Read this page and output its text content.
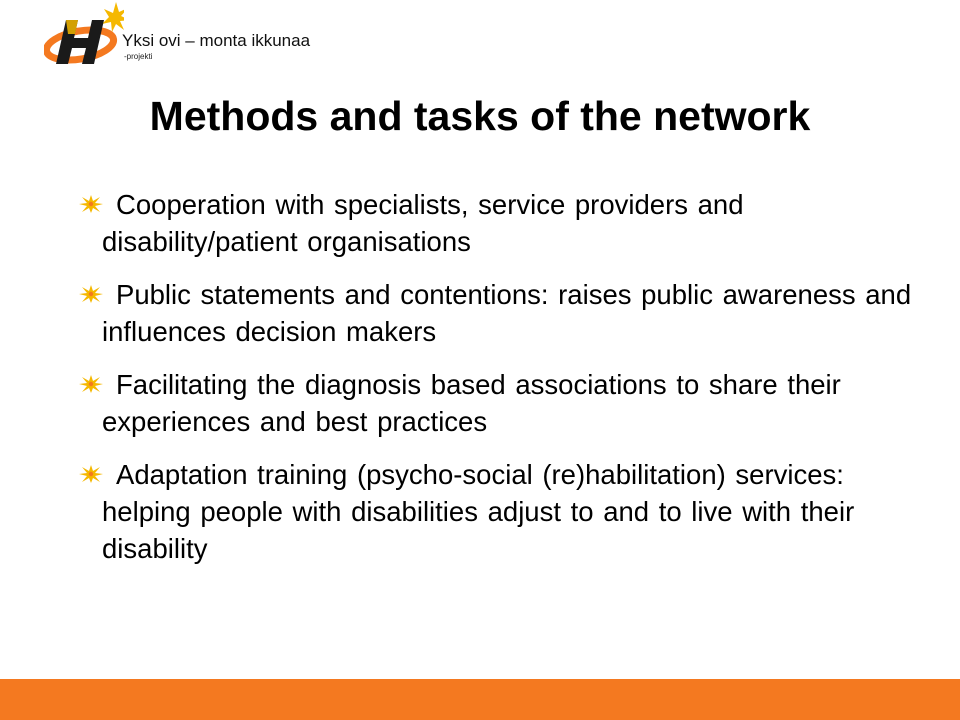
Yksi ovi – monta ikkunaa
-projekti
Methods and tasks of the network
Cooperation with specialists, service providers and disability/patient organisations
Public statements and contentions: raises public awareness and influences decision makers
Facilitating the diagnosis based associations to share their experiences and best practices
Adaptation training (psycho-social (re)habilitation) services: helping people with disabilities adjust to and to live with their disability
